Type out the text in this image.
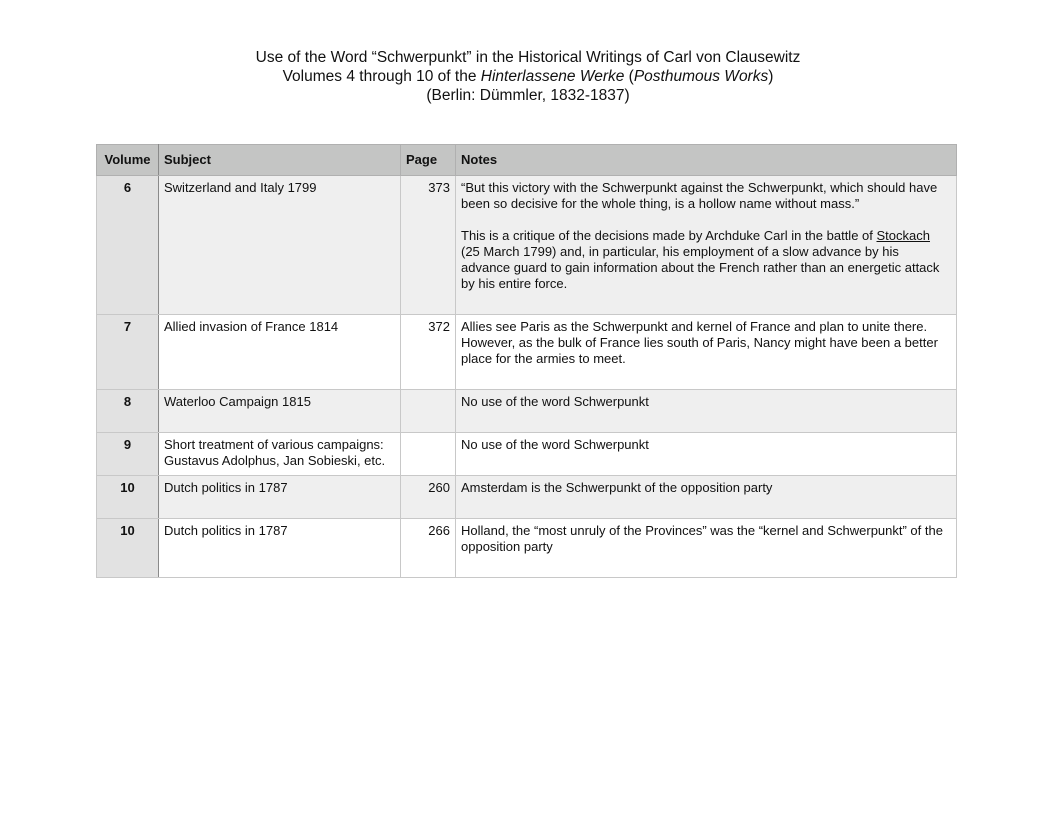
Use of the Word “Schwerpunkt” in the Historical Writings of Carl von Clausewitz
Volumes 4 through 10 of the Hinterlassene Werke (Posthumous Works)
(Berlin: Dümmler, 1832-1837)
Volume	Subject	Page	Notes
6	Switzerland and Italy 1799	373	“But this victory with the Schwerpunkt against the Schwerpunkt, which should have been so decisive for the whole thing, is a hollow name without mass.”
This is a critique of the decisions made by Archduke Carl in the battle of Stockach (25 March 1799) and, in particular, his employment of a slow advance by his advance guard to gain information about the French rather than an energetic attack by his entire force.

7	Allied invasion of France 1814	372	Allies see Paris as the Schwerpunkt and kernel of France and plan to unite there. However, as the bulk of France lies south of Paris, Nancy might have been a better place for the armies to meet.
8	Waterloo Campaign 1815		No use of the word Schwerpunkt
9	Short treatment of various campaigns: Gustavus Adolphus, Jan Sobieski, etc.		No use of the word Schwerpunkt
10	Dutch politics in 1787	260	Amsterdam is the Schwerpunkt of the opposition party
10	Dutch politics in 1787	266	Holland, the “most unruly of the Provinces” was the “kernel and Schwerpunkt” of the opposition party
